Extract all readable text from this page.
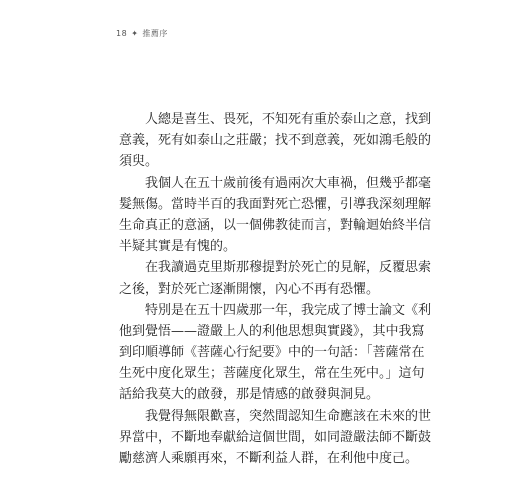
18 ✦ 推薦序
人總是喜生、畏死，不知死有重於泰山之意，找到
意義，死有如泰山之莊嚴；找不到意義，死如鴻毛般的
須臾。
我個人在五十歲前後有過兩次大車禍，但幾乎都毫
髮無傷。當時半百的我面對死亡恐懼，引導我深刻理解
生命真正的意涵，以一個佛教徒而言，對輪迴始終半信
半疑其實是有愧的。
在我讀過克里斯那穆提對於死亡的見解，反覆思索
之後，對於死亡逐漸開懷，內心不再有恐懼。
特別是在五十四歲那一年，我完成了博士論文《利
他到覺悟——證嚴上人的利他思想與實踐》，其中我寫
到印順導師《菩薩心行紀要》中的一句話：「菩薩常在
生死中度化眾生；菩薩度化眾生，常在生死中。」這句
話給我莫大的啟發，那是情感的啟發與洞見。
我覺得無限歡喜，突然間認知生命應該在未來的世
界當中，不斷地奉獻給這個世間，如同證嚴法師不斷鼓
勵慈濟人乘願再來，不斷利益人群，在利他中度己。
